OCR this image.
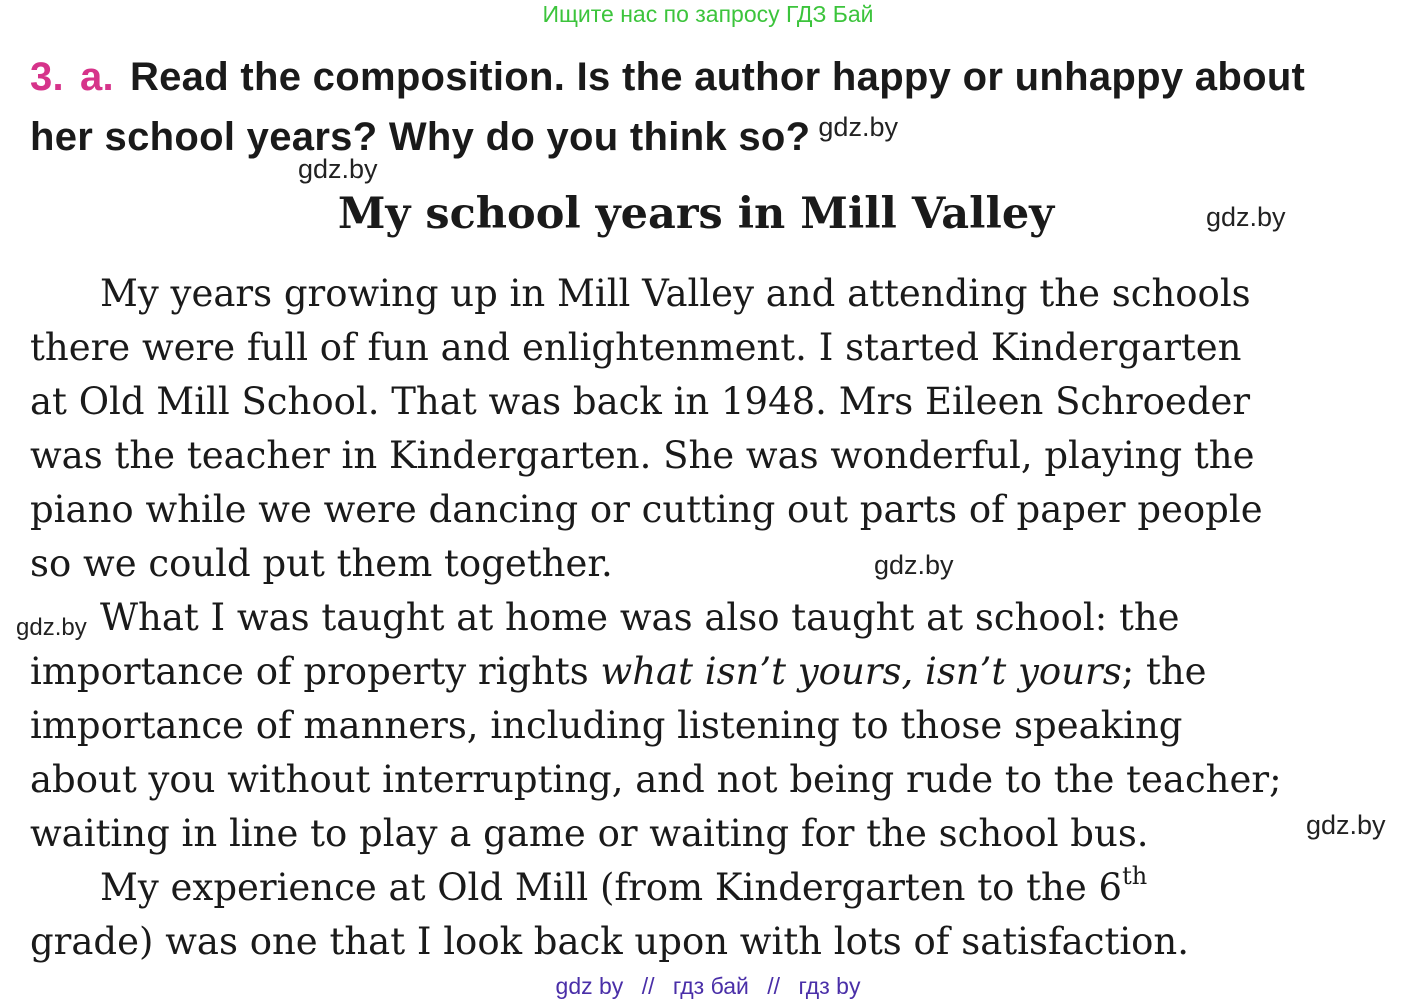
Ищите нас по запросу ГДЗ Бай
3. a. Read the composition. Is the author happy or unhappy about
her school years? Why do you think so? $^{gdz.by}$
gdz.by
gdz.by
My school years in Mill Valley
My years growing up in Mill Valley and attending the schools
there were full of fun and enlightenment. I started Kindergarten
at Old Mill School. That was back in 1948. Mrs Eileen Schroeder
was the teacher in Kindergarten. She was wonderful, playing the
piano while we were dancing or cutting out parts of paper people
so we could put them together.	gdz.by
gdz.by What I was taught at home was also taught at school: the
importance of property rights what isn’t yours, isn’t yours; the
importance of manners, including listening to those speaking
about you without interrupting, and not being rude to the teacher;
waiting in line to play a game or waiting for the school bus.	gdz.by
My experience at Old Mill (from Kindergarten to the 6th
grade) was one that I look back upon with lots of satisfaction.
gdz by // гдз бай // гдз by
